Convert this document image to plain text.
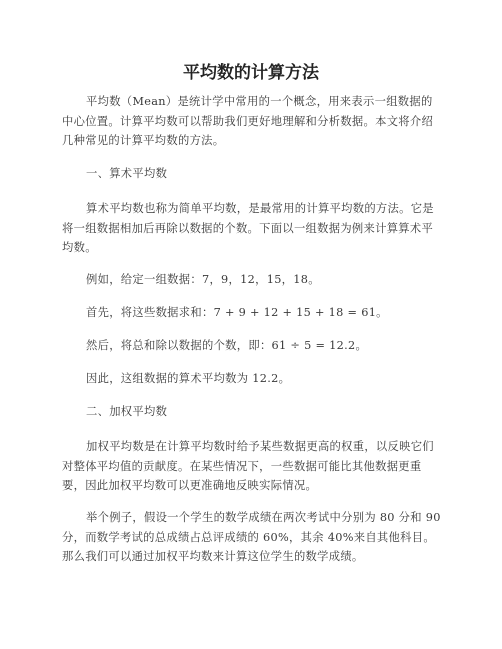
平均数的计算方法

平均数（Mean）是统计学中常用的一个概念，用来表示一组数据的中心位置。计算平均数可以帮助我们更好地理解和分析数据。本文将介绍几种常见的计算平均数的方法。

一、算术平均数

算术平均数也称为简单平均数，是最常用的计算平均数的方法。它是将一组数据相加后再除以数据的个数。下面以一组数据为例来计算算术平均数。

例如，给定一组数据：7，9，12，15，18。

首先，将这些数据求和：7 + 9 + 12 + 15 + 18 = 61。

然后，将总和除以数据的个数，即：61 ÷ 5 = 12.2。

因此，这组数据的算术平均数为 12.2。

二、加权平均数

加权平均数是在计算平均数时给予某些数据更高的权重，以反映它们对整体平均值的贡献度。在某些情况下，一些数据可能比其他数据更重要，因此加权平均数可以更准确地反映实际情况。

举个例子，假设一个学生的数学成绩在两次考试中分别为 80 分和 90 分，而数学考试的总成绩占总评成绩的 60%，其余 40%来自其他科目。那么我们可以通过加权平均数来计算这位学生的数学成绩。
